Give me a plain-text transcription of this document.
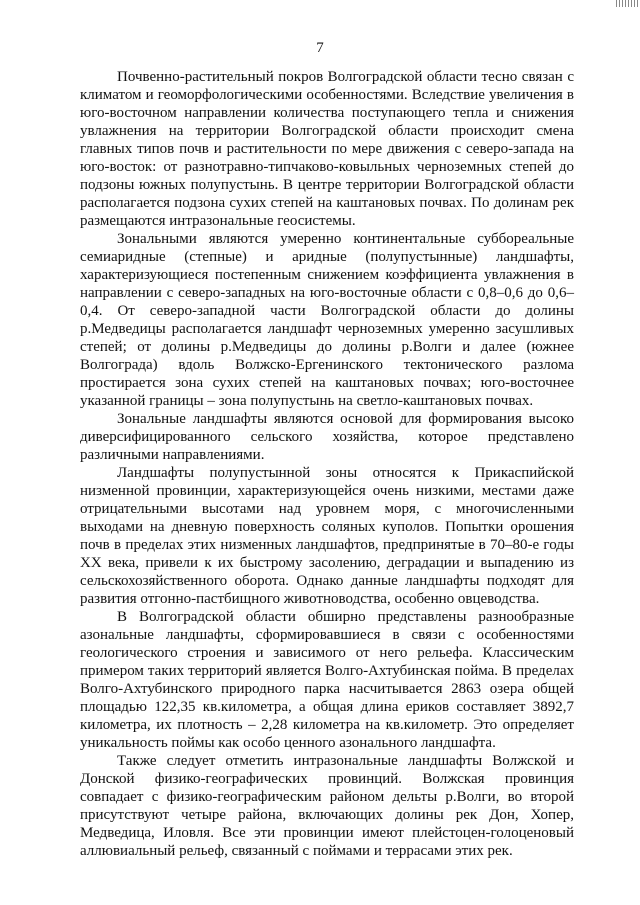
7

Почвенно-растительный покров Волгоградской области тесно связан с климатом и геоморфологическими особенностями. Вследствие увеличения в юго-восточном направлении количества поступающего тепла и снижения увлажнения на территории Волгоградской области происходит смена главных типов почв и растительности по мере движения с северо-запада на юго-восток: от разнотравно-типчаково-ковыльных черноземных степей до подзоны южных полупустынь. В центре территории Волгоградской области располагается подзона сухих степей на каштановых почвах. По долинам рек размещаются интразональные геосистемы.

Зональными являются умеренно континентальные суббореальные семиаридные (степные) и аридные (полупустынные) ландшафты, характеризующиеся постепенным снижением коэффициента увлажнения в направлении с северо-западных на юго-восточные области с 0,8–0,6 до 0,6–0,4. От северо-западной части Волгоградской области до долины р.Медведицы располагается ландшафт черноземных умеренно засушливых степей; от долины р.Медведицы до долины р.Волги и далее (южнее Волгограда) вдоль Волжско-Ергенинского тектонического разлома простирается зона сухих степей на каштановых почвах; юго-восточнее указанной границы – зона полупустынь на светло-каштановых почвах.

Зональные ландшафты являются основой для формирования высоко диверсифицированного сельского хозяйства, которое представлено различными направлениями.

Ландшафты полупустынной зоны относятся к Прикаспийской низменной провинции, характеризующейся очень низкими, местами даже отрицательными высотами над уровнем моря, с многочисленными выходами на дневную поверхность соляных куполов. Попытки орошения почв в пределах этих низменных ландшафтов, предпринятые в 70–80-е годы XX века, привели к их быстрому засолению, деградации и выпадению из сельскохозяйственного оборота. Однако данные ландшафты подходят для развития отгонно-пастбищного животноводства, особенно овцеводства.

В Волгоградской области обширно представлены разнообразные азональные ландшафты, сформировавшиеся в связи с особенностями геологического строения и зависимого от него рельефа. Классическим примером таких территорий является Волго-Ахтубинская пойма. В пределах Волго-Ахтубинского природного парка насчитывается 2863 озера общей площадью 122,35 кв.километра, а общая длина ериков составляет 3892,7 километра, их плотность – 2,28 километра на кв.километр. Это определяет уникальность поймы как особо ценного азонального ландшафта.

Также следует отметить интразональные ландшафты Волжской и Донской физико-географических провинций. Волжская провинция совпадает с физико-географическим районом дельты р.Волги, во второй присутствуют четыре района, включающих долины рек Дон, Хопер, Медведица, Иловля. Все эти провинции имеют плейстоцен-голоценовый аллювиальный рельеф, связанный с поймами и террасами этих рек.
